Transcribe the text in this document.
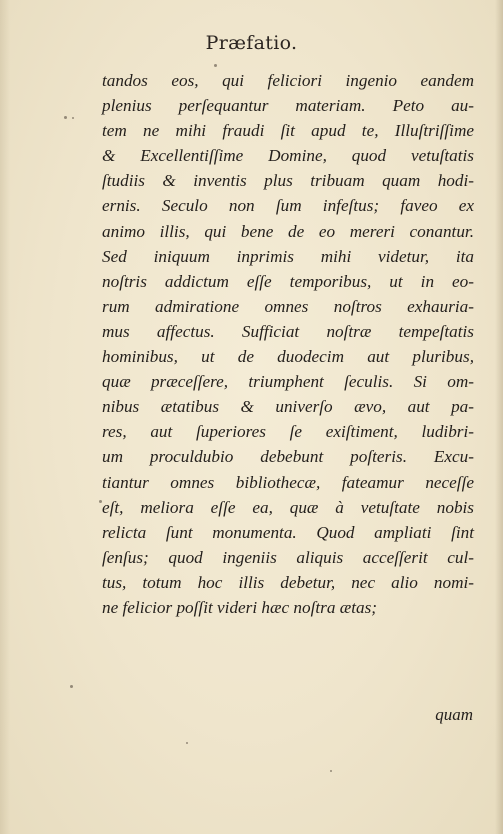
Præfatio.
tandos eos, qui feliciori ingenio eandem
plenius perſequantur materiam. Peto au-
tem ne mihi fraudi ſit apud te, Illuſtriſſime
& Excellentiſſime Domine, quod vetuſtatis
ſtudiis & inventis plus tribuam quam hodi-
ernis. Seculo non ſum infeſtus; faveo ex
animo illis, qui bene de eo mereri conantur.
Sed iniquum inprimis mihi videtur, ita
noſtris addictum eſſe temporibus, ut in eo-
rum admiratione omnes noſtros exhauria-
mus affectus. Sufficiat noſtræ tempeſtatis
hominibus, ut de duodecim aut pluribus,
quæ præceſſere, triumphent ſeculis. Si om-
nibus ætatibus & univerſo ævo, aut pa-
res, aut ſuperiores ſe exiſtiment, ludibri-
um proculdubio debebunt poſteris. Excu-
tiantur omnes bibliothecæ, fateamur neceſſe
eſt, meliora eſſe ea, quæ à vetuſtate nobis
relicta ſunt monumenta. Quod ampliati ſint
ſenſus; quod ingeniis aliquis acceſſerit cul-
tus, totum hoc illis debetur, nec alio nomi-
ne felicior poſſit videri hæc noſtra ætas;
quam
